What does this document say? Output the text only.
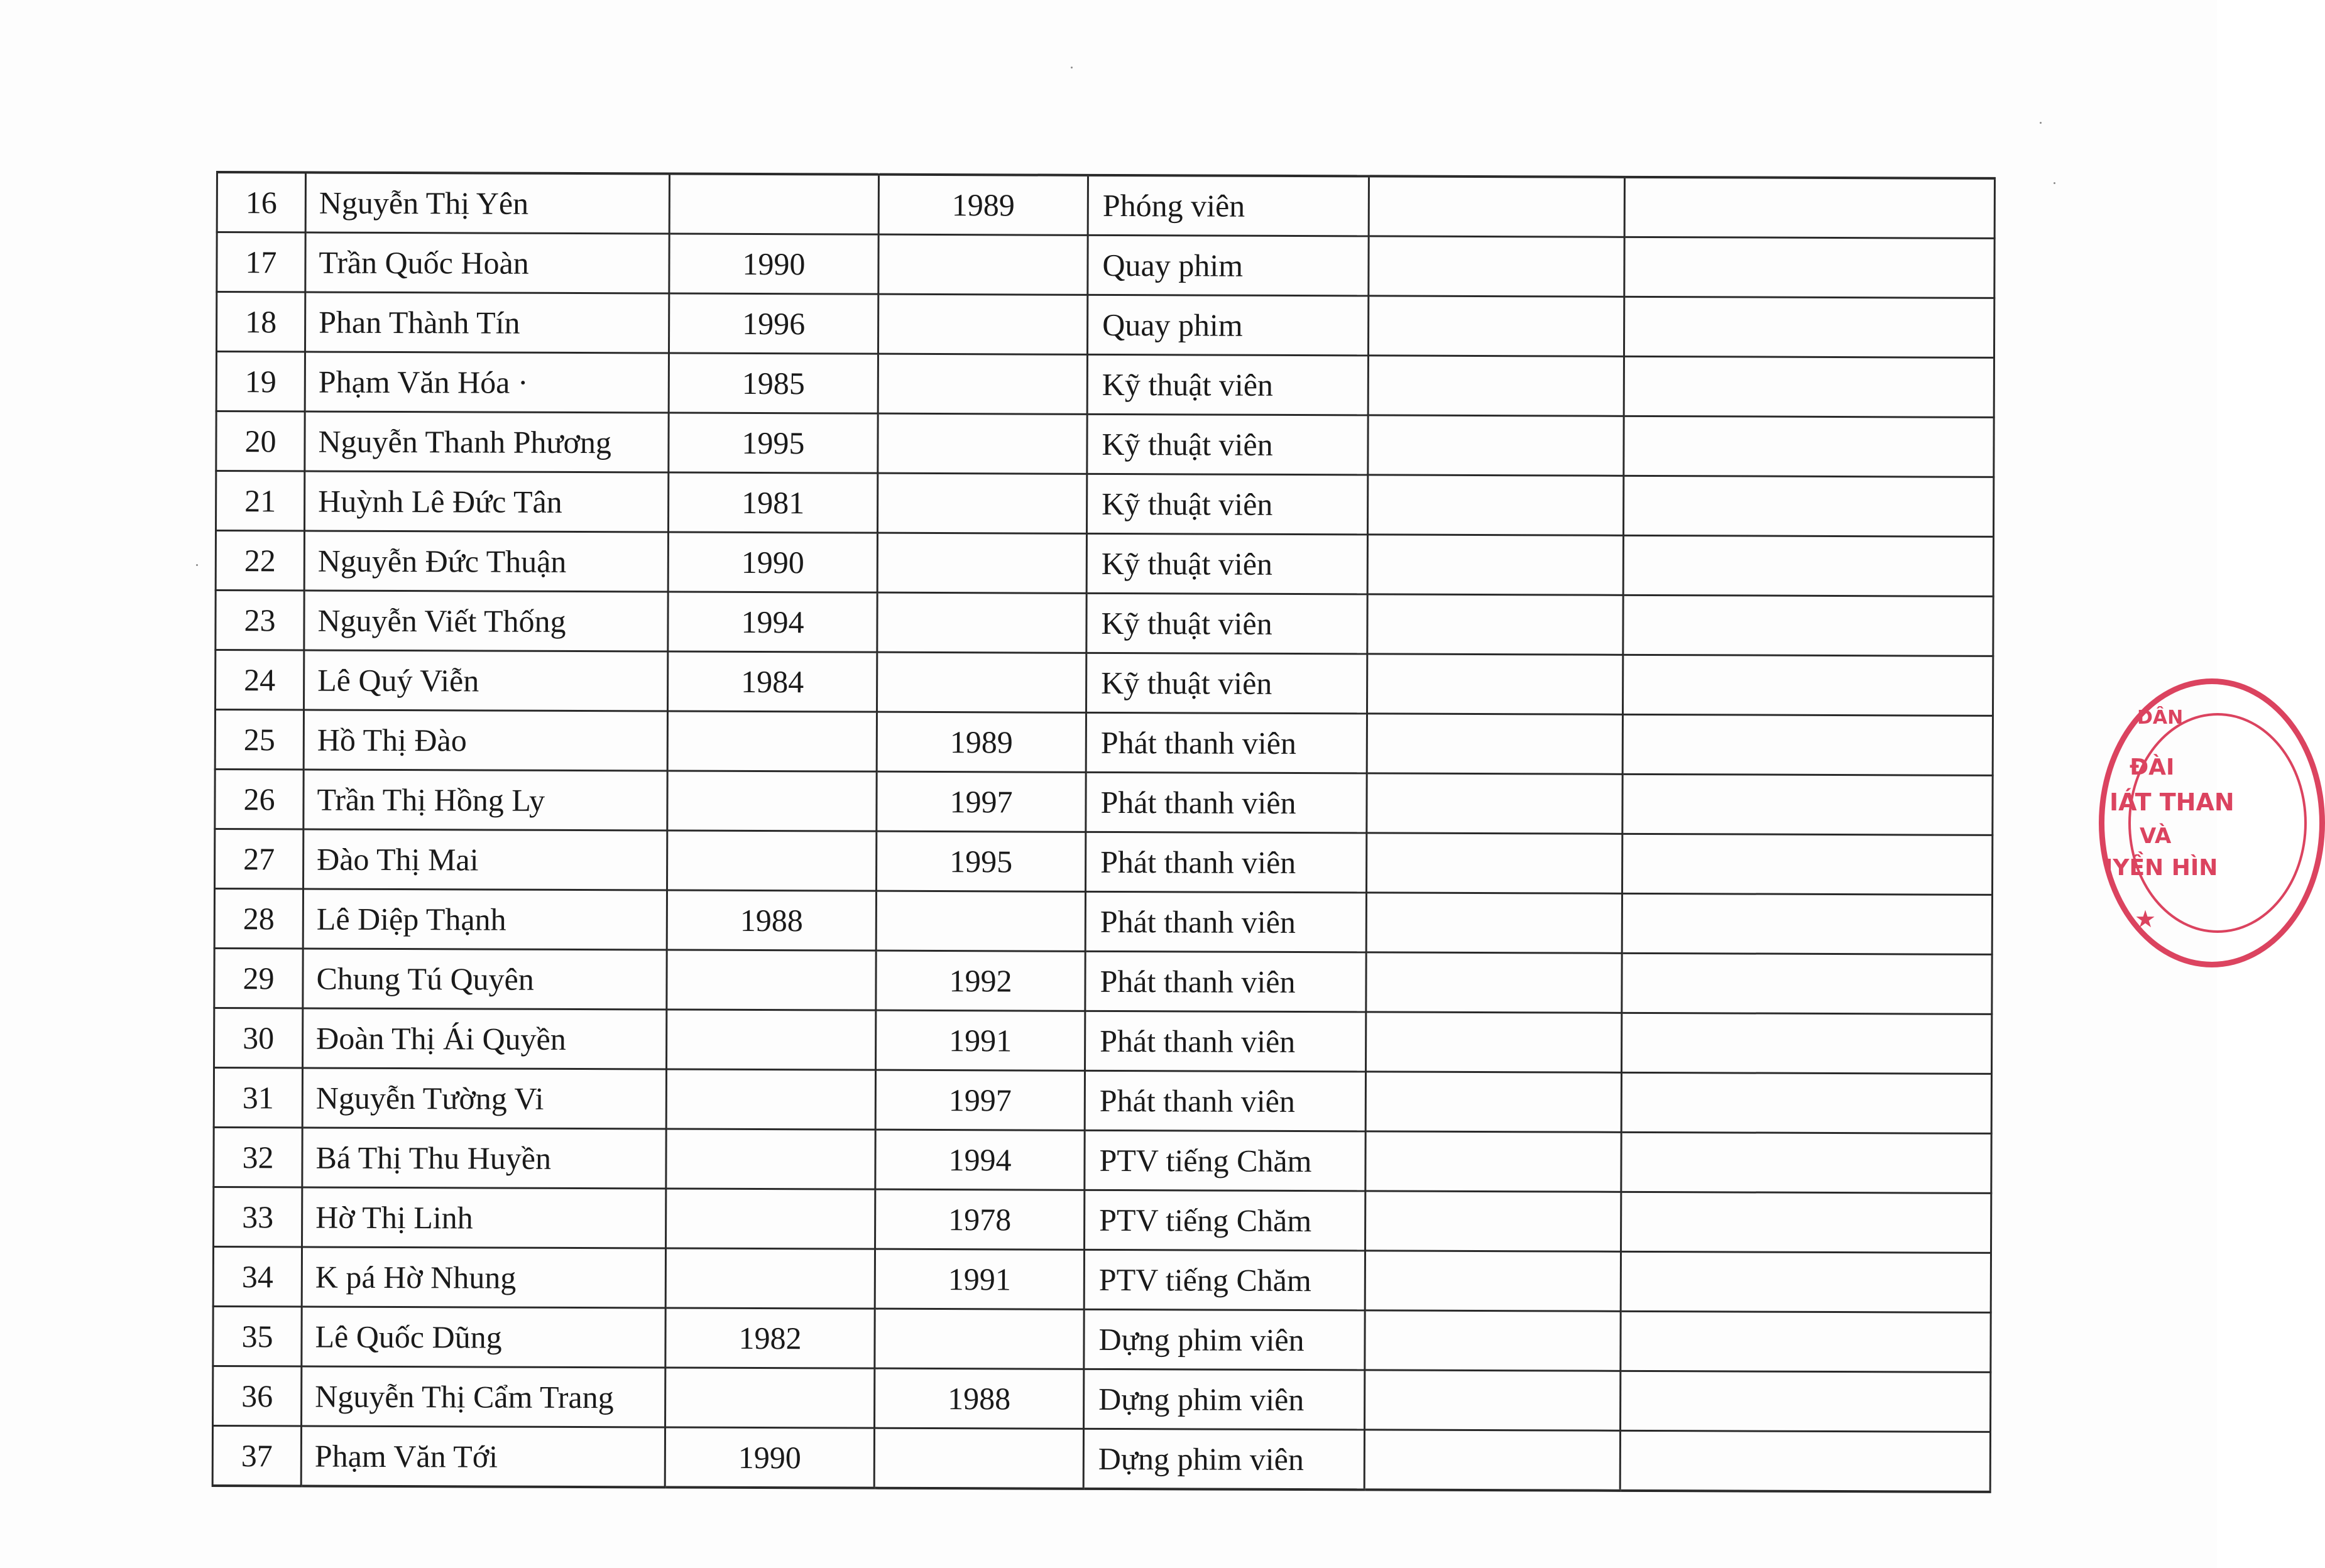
16	Nguyễn Thị Yên		1989	Phóng viên		
17	Trần Quốc Hoàn	1990		Quay phim		
18	Phan Thành Tín	1996		Quay phim		
19	Phạm Văn Hóa ·	1985		Kỹ thuật viên		
20	Nguyễn Thanh Phương	1995		Kỹ thuật viên		
21	Huỳnh Lê Đức Tân	1981		Kỹ thuật viên		
22	Nguyễn Đức Thuận	1990		Kỹ thuật viên		
23	Nguyễn Viết Thống	1994		Kỹ thuật viên		
24	Lê Quý Viễn	1984		Kỹ thuật viên		
25	Hồ Thị Đào		1989	Phát thanh viên		
26	Trần Thị Hồng Ly		1997	Phát thanh viên		
27	Đào Thị Mai		1995	Phát thanh viên		
28	Lê Diệp Thạnh	1988		Phát thanh viên		
29	Chung Tú Quyên		1992	Phát thanh viên		
30	Đoàn Thị Ái Quyền		1991	Phát thanh viên		
31	Nguyễn Tường Vi		1997	Phát thanh viên		
32	Bá Thị Thu Huyền		1994	PTV tiếng Chăm		
33	Hờ Thị Linh		1978	PTV tiếng Chăm		
34	K pá Hờ Nhung		1991	PTV tiếng Chăm		
35	Lê Quốc Dũng	1982		Dựng phim viên		
36	Nguyễn Thị Cẩm Trang		1988	Dựng phim viên		
37	Phạm Văn Tới	1990		Dựng phim viên		
DÂN
ĐÀI
IÁT THAN
VÀ
IYỀN HÌN
★
